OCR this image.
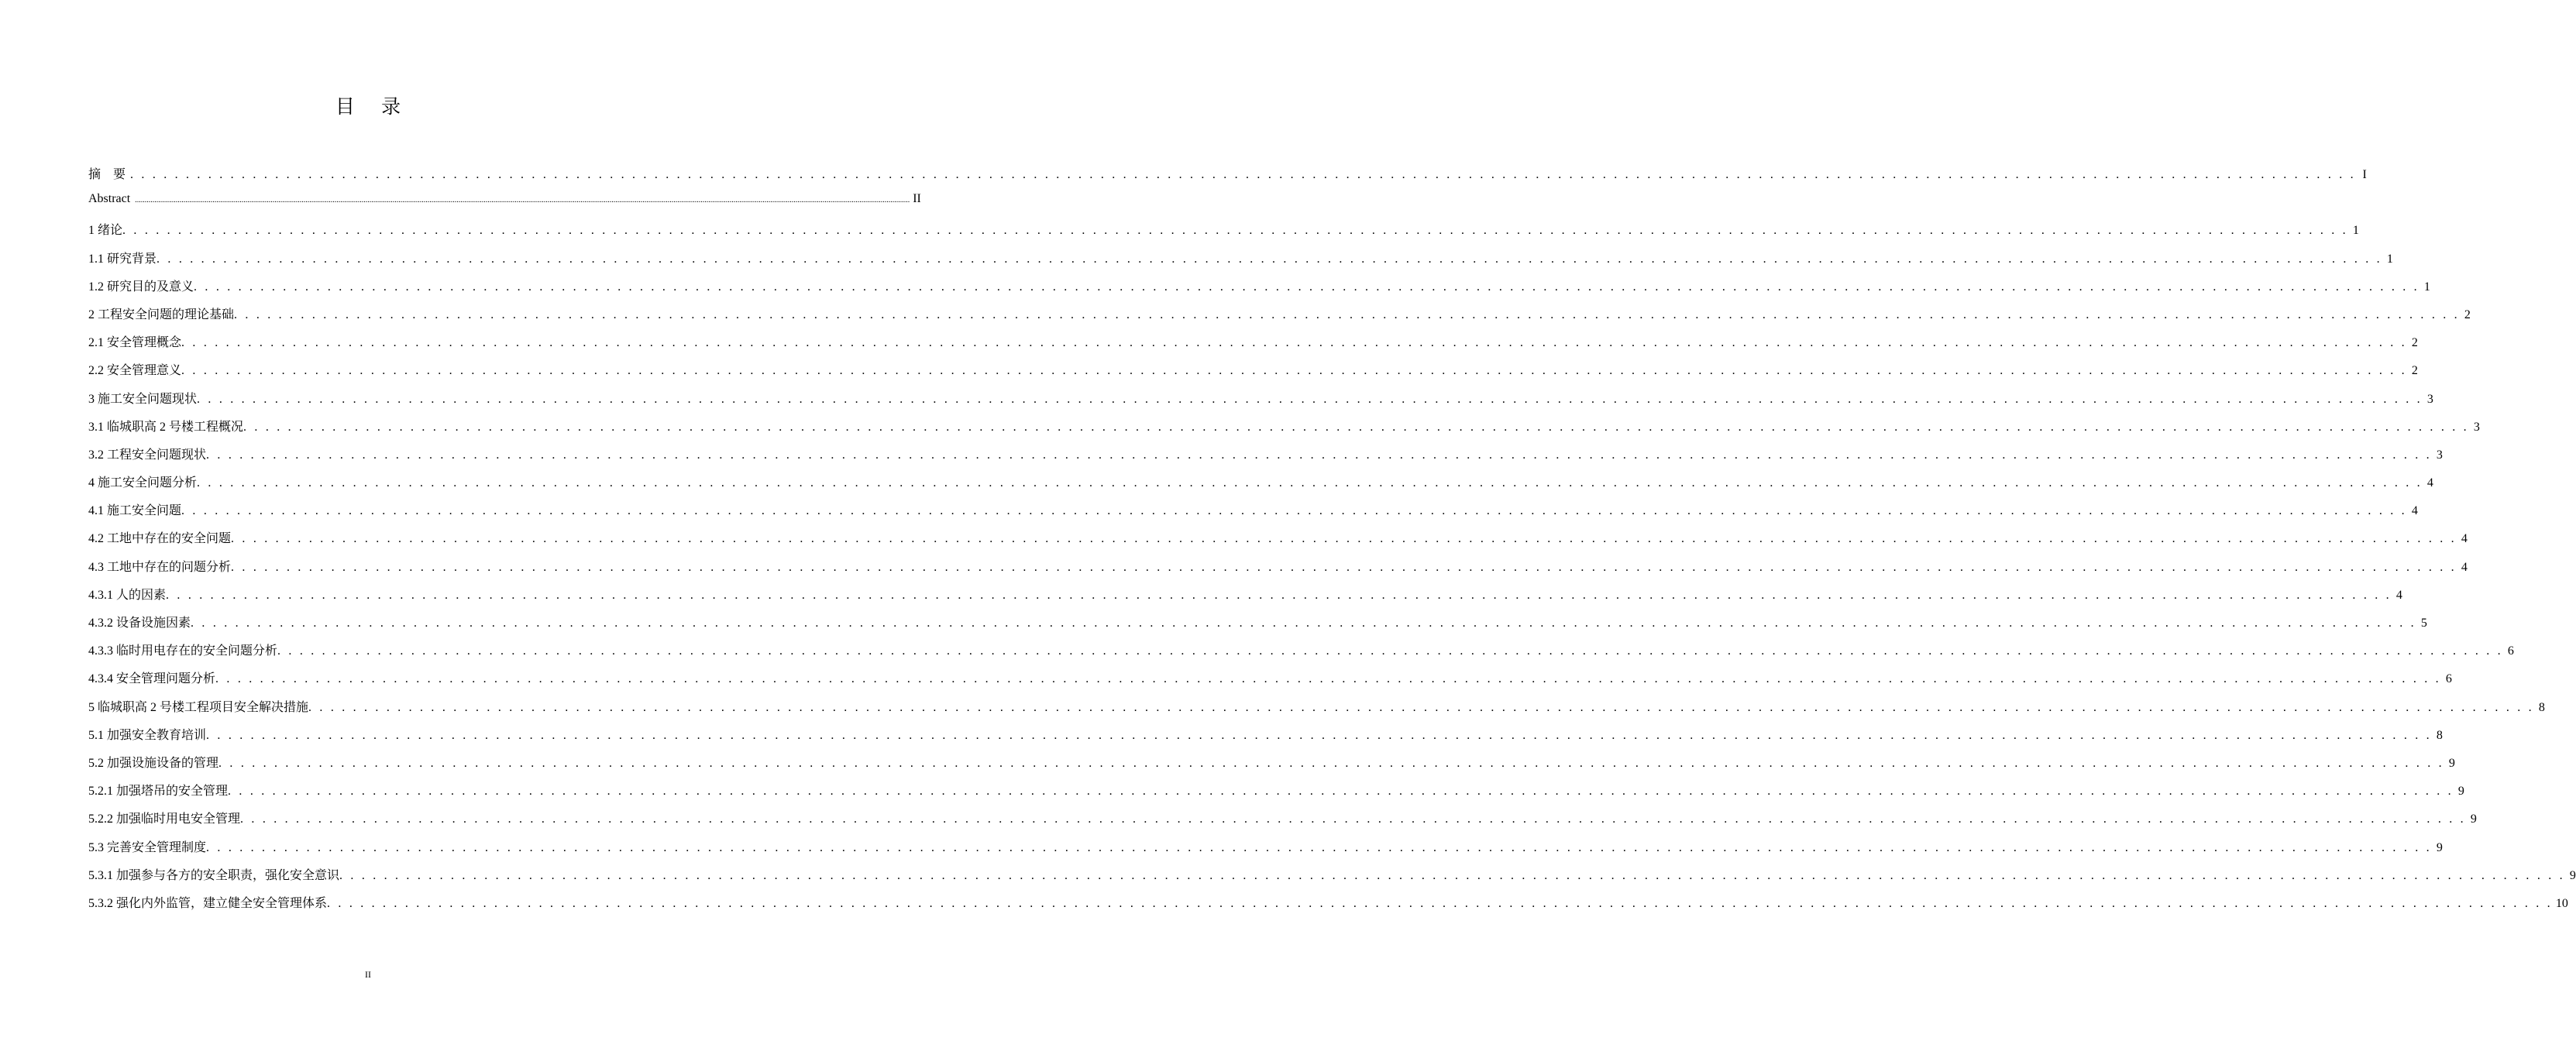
目 录
摘 要 . . . . . . . . . . . . . . . . . . . . . . . . . . . . . . . . . . . . . . . . . . . . . . . . . . . . . . . . . . . . . . . . . . . . . . . . . . . . . . . . . . . . . . . . . . . . . . . . . . . . . . . . . . . . . . . . . . . . . . . . . . . . . . . . . . . . . . . . . . . . . . . . . . . . . . . . . . . . . . . . . . . . . . . . . . . . . . . . . . . . . . . . . . . . . . . . . . . . . . . . I
Abstract ................................................................................................................................................................................................................................................................................................................................................................................................................ II
1 绪论 . . . . . . . . . . . . . . . . . . . . . . . . . . . . . . . . . . . . . . . . . . . . . . . . . . . . . . . . . . . . . . . . . . . . . . . . . . . . . . . . . . . . . . . . . . . . . . . . . . . . . . . . . . . . . . . . . . . . . . . . . . . . . . . . . . . . . . . . . . . . . . . . . . . . . . . . . . . . . . . . . . . . . . . . . . . . . . . . . . . . . . . . . . . . . . . . . . . . . . . . 1
1.1 研究背景 . . . . . . . . . . . . . . . . . . . . . . . . . . . . . . . . . . . . . . . . . . . . . . . . . . . . . . . . . . . . . . . . . . . . . . . . . . . . . . . . . . . . . . . . . . . . . . . . . . . . . . . . . . . . . . . . . . . . . . . . . . . . . . . . . . . . . . . . . . . . . . . . . . . . . . . . . . . . . . . . . . . . . . . . . . . . . . . . . . . . . . . . . . . . . . . . . . . . . . . . 1
1.2 研究目的及意义 . . . . . . . . . . . . . . . . . . . . . . . . . . . . . . . . . . . . . . . . . . . . . . . . . . . . . . . . . . . . . . . . . . . . . . . . . . . . . . . . . . . . . . . . . . . . . . . . . . . . . . . . . . . . . . . . . . . . . . . . . . . . . . . . . . . . . . . . . . . . . . . . . . . . . . . . . . . . . . . . . . . . . . . . . . . . . . . . . . . . . . . . . . . . . . . . . . . . . . . . 1
2 工程安全问题的理论基础 . . . . . . . . . . . . . . . . . . . . . . . . . . . . . . . . . . . . . . . . . . . . . . . . . . . . . . . . . . . . . . . . . . . . . . . . . . . . . . . . . . . . . . . . . . . . . . . . . . . . . . . . . . . . . . . . . . . . . . . . . . . . . . . . . . . . . . . . . . . . . . . . . . . . . . . . . . . . . . . . . . . . . . . . . . . . . . . . . . . . . . . . . . . . . . . . . . . . . . . . 2
2.1 安全管理概念 . . . . . . . . . . . . . . . . . . . . . . . . . . . . . . . . . . . . . . . . . . . . . . . . . . . . . . . . . . . . . . . . . . . . . . . . . . . . . . . . . . . . . . . . . . . . . . . . . . . . . . . . . . . . . . . . . . . . . . . . . . . . . . . . . . . . . . . . . . . . . . . . . . . . . . . . . . . . . . . . . . . . . . . . . . . . . . . . . . . . . . . . . . . . . . . . . . . . . . . . 2
2.2 安全管理意义 . . . . . . . . . . . . . . . . . . . . . . . . . . . . . . . . . . . . . . . . . . . . . . . . . . . . . . . . . . . . . . . . . . . . . . . . . . . . . . . . . . . . . . . . . . . . . . . . . . . . . . . . . . . . . . . . . . . . . . . . . . . . . . . . . . . . . . . . . . . . . . . . . . . . . . . . . . . . . . . . . . . . . . . . . . . . . . . . . . . . . . . . . . . . . . . . . . . . . . . . 2
3 施工安全问题现状 . . . . . . . . . . . . . . . . . . . . . . . . . . . . . . . . . . . . . . . . . . . . . . . . . . . . . . . . . . . . . . . . . . . . . . . . . . . . . . . . . . . . . . . . . . . . . . . . . . . . . . . . . . . . . . . . . . . . . . . . . . . . . . . . . . . . . . . . . . . . . . . . . . . . . . . . . . . . . . . . . . . . . . . . . . . . . . . . . . . . . . . . . . . . . . . . . . . . . . . . 3
3.1 临城职高 2 号楼工程概况 . . . . . . . . . . . . . . . . . . . . . . . . . . . . . . . . . . . . . . . . . . . . . . . . . . . . . . . . . . . . . . . . . . . . . . . . . . . . . . . . . . . . . . . . . . . . . . . . . . . . . . . . . . . . . . . . . . . . . . . . . . . . . . . . . . . . . . . . . . . . . . . . . . . . . . . . . . . . . . . . . . . . . . . . . . . . . . . . . . . . . . . . . . . . . . . . . . . . . . . . 3
3.2 工程安全问题现状 . . . . . . . . . . . . . . . . . . . . . . . . . . . . . . . . . . . . . . . . . . . . . . . . . . . . . . . . . . . . . . . . . . . . . . . . . . . . . . . . . . . . . . . . . . . . . . . . . . . . . . . . . . . . . . . . . . . . . . . . . . . . . . . . . . . . . . . . . . . . . . . . . . . . . . . . . . . . . . . . . . . . . . . . . . . . . . . . . . . . . . . . . . . . . . . . . . . . . . . . 3
4 施工安全问题分析 . . . . . . . . . . . . . . . . . . . . . . . . . . . . . . . . . . . . . . . . . . . . . . . . . . . . . . . . . . . . . . . . . . . . . . . . . . . . . . . . . . . . . . . . . . . . . . . . . . . . . . . . . . . . . . . . . . . . . . . . . . . . . . . . . . . . . . . . . . . . . . . . . . . . . . . . . . . . . . . . . . . . . . . . . . . . . . . . . . . . . . . . . . . . . . . . . . . . . . . . 4
4.1 施工安全问题 . . . . . . . . . . . . . . . . . . . . . . . . . . . . . . . . . . . . . . . . . . . . . . . . . . . . . . . . . . . . . . . . . . . . . . . . . . . . . . . . . . . . . . . . . . . . . . . . . . . . . . . . . . . . . . . . . . . . . . . . . . . . . . . . . . . . . . . . . . . . . . . . . . . . . . . . . . . . . . . . . . . . . . . . . . . . . . . . . . . . . . . . . . . . . . . . . . . . . . . . 4
4.2 工地中存在的安全问题 . . . . . . . . . . . . . . . . . . . . . . . . . . . . . . . . . . . . . . . . . . . . . . . . . . . . . . . . . . . . . . . . . . . . . . . . . . . . . . . . . . . . . . . . . . . . . . . . . . . . . . . . . . . . . . . . . . . . . . . . . . . . . . . . . . . . . . . . . . . . . . . . . . . . . . . . . . . . . . . . . . . . . . . . . . . . . . . . . . . . . . . . . . . . . . . . . . . . . . . . 4
4.3 工地中存在的问题分析 . . . . . . . . . . . . . . . . . . . . . . . . . . . . . . . . . . . . . . . . . . . . . . . . . . . . . . . . . . . . . . . . . . . . . . . . . . . . . . . . . . . . . . . . . . . . . . . . . . . . . . . . . . . . . . . . . . . . . . . . . . . . . . . . . . . . . . . . . . . . . . . . . . . . . . . . . . . . . . . . . . . . . . . . . . . . . . . . . . . . . . . . . . . . . . . . . . . . . . . . 4
4.3.1 人的因素 . . . . . . . . . . . . . . . . . . . . . . . . . . . . . . . . . . . . . . . . . . . . . . . . . . . . . . . . . . . . . . . . . . . . . . . . . . . . . . . . . . . . . . . . . . . . . . . . . . . . . . . . . . . . . . . . . . . . . . . . . . . . . . . . . . . . . . . . . . . . . . . . . . . . . . . . . . . . . . . . . . . . . . . . . . . . . . . . . . . . . . . . . . . . . . . . . . . . . . . . 4
4.3.2 设备设施因素 . . . . . . . . . . . . . . . . . . . . . . . . . . . . . . . . . . . . . . . . . . . . . . . . . . . . . . . . . . . . . . . . . . . . . . . . . . . . . . . . . . . . . . . . . . . . . . . . . . . . . . . . . . . . . . . . . . . . . . . . . . . . . . . . . . . . . . . . . . . . . . . . . . . . . . . . . . . . . . . . . . . . . . . . . . . . . . . . . . . . . . . . . . . . . . . . . . . . . . . . 5
4.3.3 临时用电存在的安全问题分析 . . . . . . . . . . . . . . . . . . . . . . . . . . . . . . . . . . . . . . . . . . . . . . . . . . . . . . . . . . . . . . . . . . . . . . . . . . . . . . . . . . . . . . . . . . . . . . . . . . . . . . . . . . . . . . . . . . . . . . . . . . . . . . . . . . . . . . . . . . . . . . . . . . . . . . . . . . . . . . . . . . . . . . . . . . . . . . . . . . . . . . . . . . . . . . . . . . . . . . . . 6
4.3.4 安全管理问题分析 . . . . . . . . . . . . . . . . . . . . . . . . . . . . . . . . . . . . . . . . . . . . . . . . . . . . . . . . . . . . . . . . . . . . . . . . . . . . . . . . . . . . . . . . . . . . . . . . . . . . . . . . . . . . . . . . . . . . . . . . . . . . . . . . . . . . . . . . . . . . . . . . . . . . . . . . . . . . . . . . . . . . . . . . . . . . . . . . . . . . . . . . . . . . . . . . . . . . . . . . 6
5 临城职高 2 号楼工程项目安全解决措施 . . . . . . . . . . . . . . . . . . . . . . . . . . . . . . . . . . . . . . . . . . . . . . . . . . . . . . . . . . . . . . . . . . . . . . . . . . . . . . . . . . . . . . . . . . . . . . . . . . . . . . . . . . . . . . . . . . . . . . . . . . . . . . . . . . . . . . . . . . . . . . . . . . . . . . . . . . . . . . . . . . . . . . . . . . . . . . . . . . . . . . . . . . . . . . . . . . . . . . . . 8
5.1 加强安全教育培训 . . . . . . . . . . . . . . . . . . . . . . . . . . . . . . . . . . . . . . . . . . . . . . . . . . . . . . . . . . . . . . . . . . . . . . . . . . . . . . . . . . . . . . . . . . . . . . . . . . . . . . . . . . . . . . . . . . . . . . . . . . . . . . . . . . . . . . . . . . . . . . . . . . . . . . . . . . . . . . . . . . . . . . . . . . . . . . . . . . . . . . . . . . . . . . . . . . . . . . . . 8
5.2 加强设施设备的管理 . . . . . . . . . . . . . . . . . . . . . . . . . . . . . . . . . . . . . . . . . . . . . . . . . . . . . . . . . . . . . . . . . . . . . . . . . . . . . . . . . . . . . . . . . . . . . . . . . . . . . . . . . . . . . . . . . . . . . . . . . . . . . . . . . . . . . . . . . . . . . . . . . . . . . . . . . . . . . . . . . . . . . . . . . . . . . . . . . . . . . . . . . . . . . . . . . . . . . . . . 9
5.2.1 加强塔吊的安全管理 . . . . . . . . . . . . . . . . . . . . . . . . . . . . . . . . . . . . . . . . . . . . . . . . . . . . . . . . . . . . . . . . . . . . . . . . . . . . . . . . . . . . . . . . . . . . . . . . . . . . . . . . . . . . . . . . . . . . . . . . . . . . . . . . . . . . . . . . . . . . . . . . . . . . . . . . . . . . . . . . . . . . . . . . . . . . . . . . . . . . . . . . . . . . . . . . . . . . . . . . 9
5.2.2 加强临时用电安全管理 . . . . . . . . . . . . . . . . . . . . . . . . . . . . . . . . . . . . . . . . . . . . . . . . . . . . . . . . . . . . . . . . . . . . . . . . . . . . . . . . . . . . . . . . . . . . . . . . . . . . . . . . . . . . . . . . . . . . . . . . . . . . . . . . . . . . . . . . . . . . . . . . . . . . . . . . . . . . . . . . . . . . . . . . . . . . . . . . . . . . . . . . . . . . . . . . . . . . . . . . 9
5.3 完善安全管理制度 . . . . . . . . . . . . . . . . . . . . . . . . . . . . . . . . . . . . . . . . . . . . . . . . . . . . . . . . . . . . . . . . . . . . . . . . . . . . . . . . . . . . . . . . . . . . . . . . . . . . . . . . . . . . . . . . . . . . . . . . . . . . . . . . . . . . . . . . . . . . . . . . . . . . . . . . . . . . . . . . . . . . . . . . . . . . . . . . . . . . . . . . . . . . . . . . . . . . . . . . 9
5.3.1 加强参与各方的安全职责，强化安全意识 . . . . . . . . . . . . . . . . . . . . . . . . . . . . . . . . . . . . . . . . . . . . . . . . . . . . . . . . . . . . . . . . . . . . . . . . . . . . . . . . . . . . . . . . . . . . . . . . . . . . . . . . . . . . . . . . . . . . . . . . . . . . . . . . . . . . . . . . . . . . . . . . . . . . . . . . . . . . . . . . . . . . . . . . . . . . . . . . . . . . . . . . . . . . . . . . . . . . . . . . 9
5.3.2 强化内外监管，建立健全安全管理体系 . . . . . . . . . . . . . . . . . . . . . . . . . . . . . . . . . . . . . . . . . . . . . . . . . . . . . . . . . . . . . . . . . . . . . . . . . . . . . . . . . . . . . . . . . . . . . . . . . . . . . . . . . . . . . . . . . . . . . . . . . . . . . . . . . . . . . . . . . . . . . . . . . . . . . . . . . . . . . . . . . . . . . . . . . . . . . . . . . . . . . . . . . . . . . . . . . . . . . . . . 10
II
